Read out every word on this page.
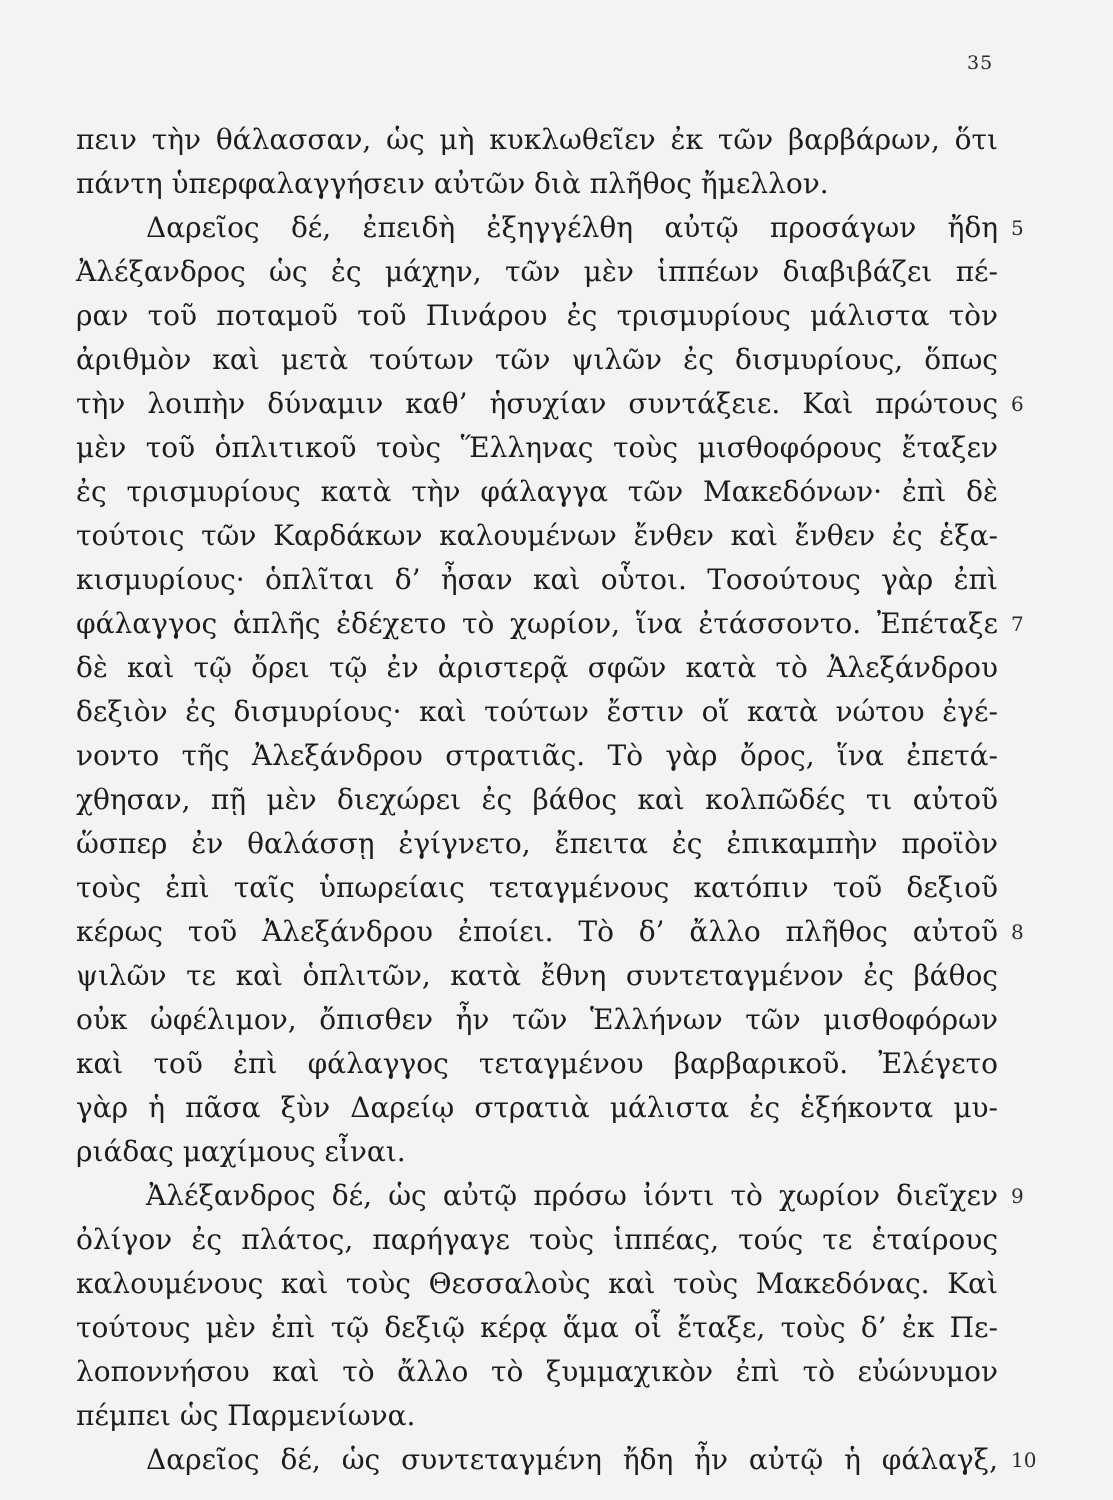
35
πειν τὴν θάλασσαν, ὡς μὴ κυκλωθεῖεν ἐκ τῶν βαρβάρων, ὅτι
πάντη ὑπερφαλαγγήσειν αὐτῶν διὰ πλῆθος ἤμελλον.
Δαρεῖος δέ, ἐπειδὴ ἐξηγγέλθη αὐτῷ προσάγων ἤδη 5
Ἀλέξανδρος ὡς ἐς μάχην, τῶν μὲν ἱππέων διαβιβάζει πέ-
ραν τοῦ ποταμοῦ τοῦ Πινάρου ἐς τρισμυρίους μάλιστα τὸν
ἀριθμὸν καὶ μετὰ τούτων τῶν ψιλῶν ἐς δισμυρίους, ὅπως
τὴν λοιπὴν δύναμιν καθ’ ἡσυχίαν συντάξειε. Καὶ πρώτους 6
μὲν τοῦ ὁπλιτικοῦ τοὺς Ἕλληνας τοὺς μισθοφόρους ἔταξεν
ἐς τρισμυρίους κατὰ τὴν φάλαγγα τῶν Μακεδόνων· ἐπὶ δὲ
τούτοις τῶν Καρδάκων καλουμένων ἔνθεν καὶ ἔνθεν ἐς ἑξα-
κισμυρίους· ὁπλῖται δ’ ἦσαν καὶ οὗτοι. Τοσούτους γὰρ ἐπὶ
φάλαγγος ἁπλῆς ἐδέχετο τὸ χωρίον, ἵνα ἐτάσσοντο. Ἐπέταξε 7
δὲ καὶ τῷ ὄρει τῷ ἐν ἀριστερᾷ σφῶν κατὰ τὸ Ἀλεξάνδρου
δεξιὸν ἐς δισμυρίους· καὶ τούτων ἔστιν οἵ κατὰ νώτου ἐγέ-
νοντο τῆς Ἀλεξάνδρου στρατιᾶς. Τὸ γὰρ ὄρος, ἵνα ἐπετά-
χθησαν, πῇ μὲν διεχώρει ἐς βάθος καὶ κολπῶδές τι αὐτοῦ
ὥσπερ ἐν θαλάσσῃ ἐγίγνετο, ἔπειτα ἐς ἐπικαμπὴν προϊὸν
τοὺς ἐπὶ ταῖς ὑπωρείαις τεταγμένους κατόπιν τοῦ δεξιοῦ
κέρως τοῦ Ἀλεξάνδρου ἐποίει. Τὸ δ’ ἄλλο πλῆθος αὐτοῦ 8
ψιλῶν τε καὶ ὁπλιτῶν, κατὰ ἔθνη συντεταγμένον ἐς βάθος
οὐκ ὠφέλιμον, ὄπισθεν ἦν τῶν Ἑλλήνων τῶν μισθοφόρων
καὶ τοῦ ἐπὶ φάλαγγος τεταγμένου βαρβαρικοῦ. Ἐλέγετο
γὰρ ἡ πᾶσα ξὺν Δαρείῳ στρατιὰ μάλιστα ἐς ἑξήκοντα μυ-
ριάδας μαχίμους εἶναι.
Ἀλέξανδρος δέ, ὡς αὐτῷ πρόσω ἰόντι τὸ χωρίον διεῖχεν 9
ὀλίγον ἐς πλάτος, παρήγαγε τοὺς ἱππέας, τούς τε ἑταίρους
καλουμένους καὶ τοὺς Θεσσαλοὺς καὶ τοὺς Μακεδόνας. Καὶ
τούτους μὲν ἐπὶ τῷ δεξιῷ κέρᾳ ἅμα οἷ ἔταξε, τοὺς δ’ ἐκ Πε-
λοποννήσου καὶ τὸ ἄλλο τὸ ξυμμαχικὸν ἐπὶ τὸ εὐώνυμον
πέμπει ὡς Παρμενίωνα.
Δαρεῖος δέ, ὡς συντεταγμένη ἤδη ἦν αὐτῷ ἡ φάλαγξ, 10
